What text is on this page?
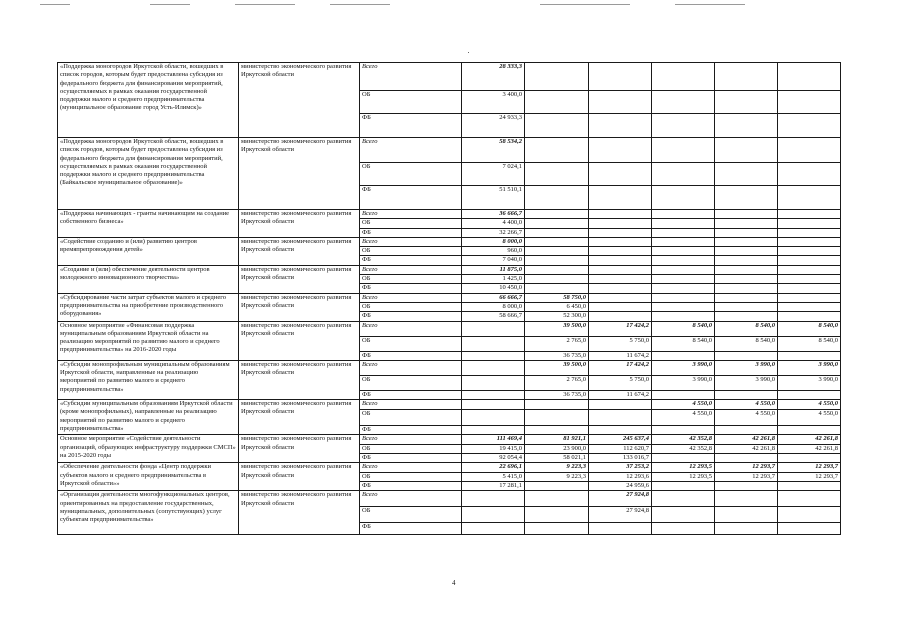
«Поддержка моногородов Иркутской области, вошедших в список городов, которым будет предоставлена субсидия из федерального бюджета для финансирования мероприятий, осуществляемых в рамках оказания государственной поддержки малого и среднего предпринимательства (муниципальное образование город Усть-Илимск)»	министерство экономического развития Иркутской области	Всего	28 333,3					
		ОБ	3 400,0					
		ФБ	24 933,3					
«Поддержка моногородов Иркутской области, вошедших в список городов, которым будет предоставлена субсидия из федерального бюджета для финансирования мероприятий, осуществляемых в рамках оказания государственной поддержки малого и среднего предпринимательства (Байкальское муниципальное образование)»	министерство экономического развития Иркутской области	Всего	58 534,2					
		ОБ	7 024,1					
		ФБ	51 510,1					
«Поддержка начинающих - гранты начинающим на создание собственного бизнеса»	министерство экономического развития Иркутской области	Всего	36 666,7					
		ОБ	4 400,0					
		ФБ	32 266,7					
«Содействие созданию и (или) развитию центров времяпрепровождения детей»	министерство экономического развития Иркутской области	Всего	8 000,0					
		ОБ	960,0					
		ФБ	7 040,0					
«Создание и (или) обеспечение деятельности центров молодежного инновационного творчества»	министерство экономического развития Иркутской области	Всего	11 875,0					
		ОБ	1 425,0					
		ФБ	10 450,0					
«Субсидирование части затрат субъектов малого и среднего предпринимательства на приобретение производственного оборудования»	министерство экономического развития Иркутской области	Всего	66 666,7	58 750,0				
		ОБ	8 000,0	6 450,0				
		ФБ	58 666,7	52 300,0				
Основное мероприятие «Финансовая поддержка муниципальным образованиям Иркутской области на реализацию мероприятий по развитию малого и среднего предпринимательства» на 2016-2020 годы	министерство экономического развития Иркутской области	Всего		39 500,0	17 424,2	8 540,0	8 540,0	8 540,0
		ОБ		2 765,0	5 750,0	8 540,0	8 540,0	8 540,0
		ФБ		36 735,0	11 674,2			
«Субсидии монопрофильным муниципальным образованиям Иркутской области, направленные на реализацию мероприятий по развитию малого и среднего предпринимательства»	министерство экономического развития Иркутской области	Всего		39 500,0	17 424,2	3 990,0	3 990,0	3 990,0
		ОБ		2 765,0	5 750,0	3 990,0	3 990,0	3 990,0
		ФБ		36 735,0	11 674,2			
«Субсидии муниципальным образованиям Иркутской области (кроме монопрофильных), направленные на реализацию мероприятий по развитию малого и среднего предпринимательства»	министерство экономического развития Иркутской области	Всего				4 550,0	4 550,0	4 550,0
		ОБ				4 550,0	4 550,0	4 550,0
		ФБ						
Основное мероприятие «Содействие деятельности организаций, образующих инфраструктуру поддержки СМСП» на 2015-2020 годы	министерство экономического развития Иркутской области	Всего	111 469,4	81 921,1	245 637,4	42 352,8	42 261,8	42 261,8
		ОБ	19 415,0	23 900,0	112 620,7	42 352,8	42 261,8	42 261,8
		ФБ	92 054,4	58 021,1	133 016,7			
«Обеспечение деятельности фонда «Центр поддержки субъектов малого и среднего предпринимательства в Иркутской области»»	министерство экономического развития Иркутской области	Всего	22 696,1	9 223,3	37 253,2	12 293,5	12 293,7	12 293,7
		ОБ	5 415,0	9 223,3	12 293,6	12 293,5	12 293,7	12 293,7
		ФБ	17 281,1		24 959,6			
«Организация деятельности многофункциональных центров, ориентированных на предоставление государственных, муниципальных, дополнительных (сопутствующих) услуг субъектам предпринимательства»	министерство экономического развития Иркутской области	Всего			27 924,8			
		ОБ			27 924,8			
		ФБ						
4
